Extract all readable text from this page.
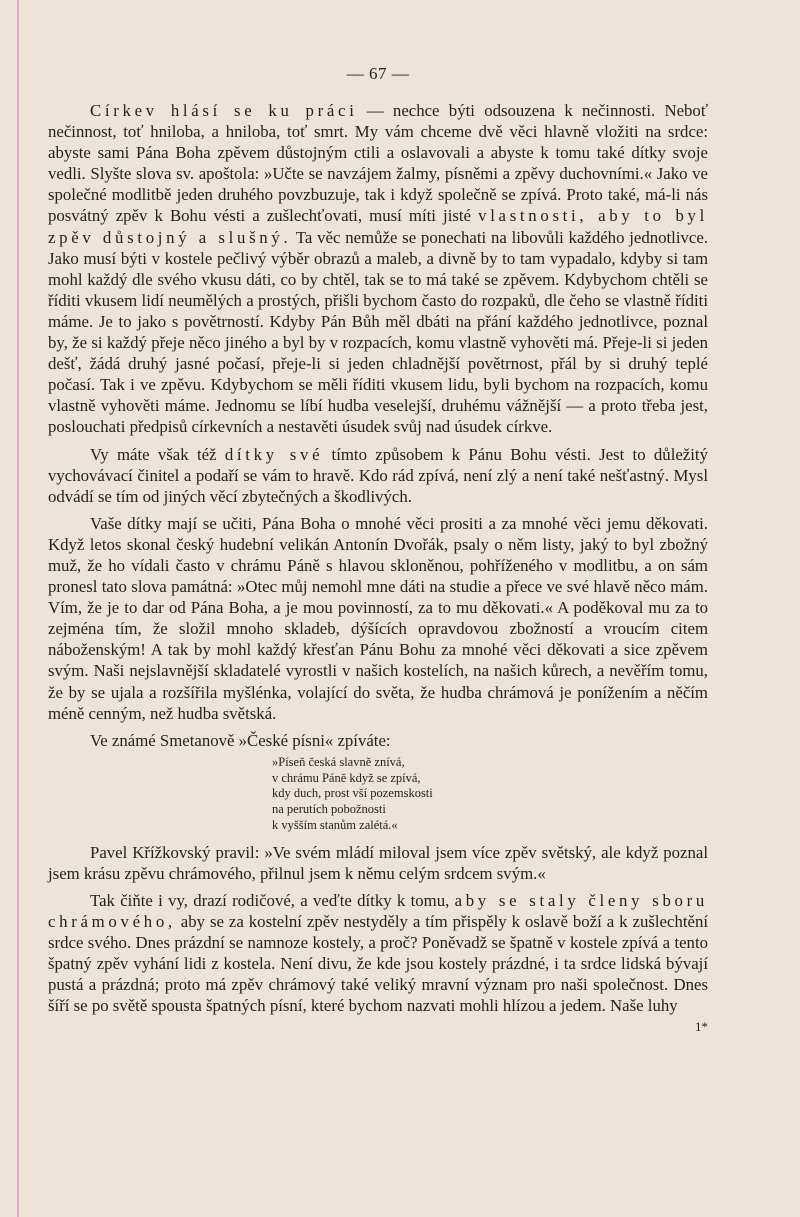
— 67 —

Církev hlásí se ku práci — nechce býti odsouzena k nečinnosti. Neboť nečinnost, toť hniloba, a hniloba, toť smrt. My vám chceme dvě věci hlavně vložiti na srdce: abyste sami Pána Boha zpěvem důstojným ctili a oslavovali a abyste k tomu také dítky svoje vedli. Slyšte slova sv. apoštola: »Učte se navzájem žalmy, písněmi a zpěvy duchovními.« Jako ve společné modlitbě jeden druhého povzbuzuje, tak i když společně se zpívá. Proto také, má-li nás posvátný zpěv k Bohu vésti a zušlechťovati, musí míti jisté vlastnosti, aby to byl zpěv důstojný a slušný. Ta věc nemůže se ponechati na libovůli každého jednotlivce. Jako musí býti v kostele pečlivý výběr obrazů a maleb, a divně by to tam vypadalo, kdyby si tam mohl každý dle svého vkusu dáti, co by chtěl, tak se to má také se zpěvem. Kdybychom chtěli se říditi vkusem lidí neumělých a prostých, přišli bychom často do rozpaků, dle čeho se vlastně říditi máme. Je to jako s povětrností. Kdyby Pán Bůh měl dbáti na přání každého jednotlivce, poznal by, že si každý přeje něco jiného a byl by v rozpacích, komu vlastně vyhověti má. Přeje-li si jeden dešť, žádá druhý jasné počasí, přeje-li si jeden chladnější povětrnost, přál by si druhý teplé počasí. Tak i ve zpěvu. Kdybychom se měli říditi vkusem lidu, byli bychom na rozpacích, komu vlastně vyhověti máme. Jednomu se líbí hudba veselejší, druhému vážnější — a proto třeba jest, poslouchati předpisů církevních a nestavěti úsudek svůj nad úsudek církve.

Vy máte však též dítky své tímto způsobem k Pánu Bohu vésti. Jest to důležitý vychovávací činitel a podaří se vám to hravě. Kdo rád zpívá, není zlý a není také nešťastný. Mysl odvádí se tím od jiných věcí zbytečných a škodlivých.

Vaše dítky mají se učiti, Pána Boha o mnohé věci prositi a za mnohé věci jemu děkovati. Když letos skonal český hudební velikán Antonín Dvořák, psaly o něm listy, jaký to byl zbožný muž, že ho vídali často v chrámu Páně s hlavou skloněnou, pohříženého v modlitbu, a on sám pronesl tato slova památná: »Otec můj nemohl mne dáti na studie a přece ve své hlavě něco mám. Vím, že je to dar od Pána Boha, a je mou povinností, za to mu děkovati.« A poděkoval mu za to zejména tím, že složil mnoho skladeb, dýšících opravdovou zbožností a vroucím citem náboženským! A tak by mohl každý křesťan Pánu Bohu za mnohé věci děkovati a sice zpěvem svým. Naši nejslavnější skladatelé vyrostli v našich kostelích, na našich kůrech, a nevěřím tomu, že by se ujala a rozšířila myšlénka, volající do světa, že hudba chrámová je ponížením a něčím méně cenným, než hudba světská.

Ve známé Smetanově »České písni« zpíváte:

»Píseň česká slavně znívá,
v chrámu Páně když se zpívá,
kdy duch, prost vší pozemskosti
na perutích pobožnosti
k vyšším stanům zalétá.«

Pavel Křížkovský pravil: »Ve svém mládí miloval jsem více zpěv světský, ale když poznal jsem krásu zpěvu chrámového, přilnul jsem k němu celým srdcem svým.«

Tak čiňte i vy, drazí rodičové, a veďte dítky k tomu, aby se staly členy sboru chrámového, aby se za kostelní zpěv nestyděly a tím přispěly k oslavě boží a k zušlechtění srdce svého. Dnes prázdní se namnoze kostely, a proč? Poněvadž se špatně v kostele zpívá a tento špatný zpěv vyhání lidi z kostela. Není divu, že kde jsou kostely prázdné, i ta srdce lidská bývají pustá a prázdná; proto má zpěv chrámový také veliký mravní význam pro naši společnost. Dnes šíří se po světě spousta špatných písní, které bychom nazvati mohli hlízou a jedem. Naše luhy

1*
